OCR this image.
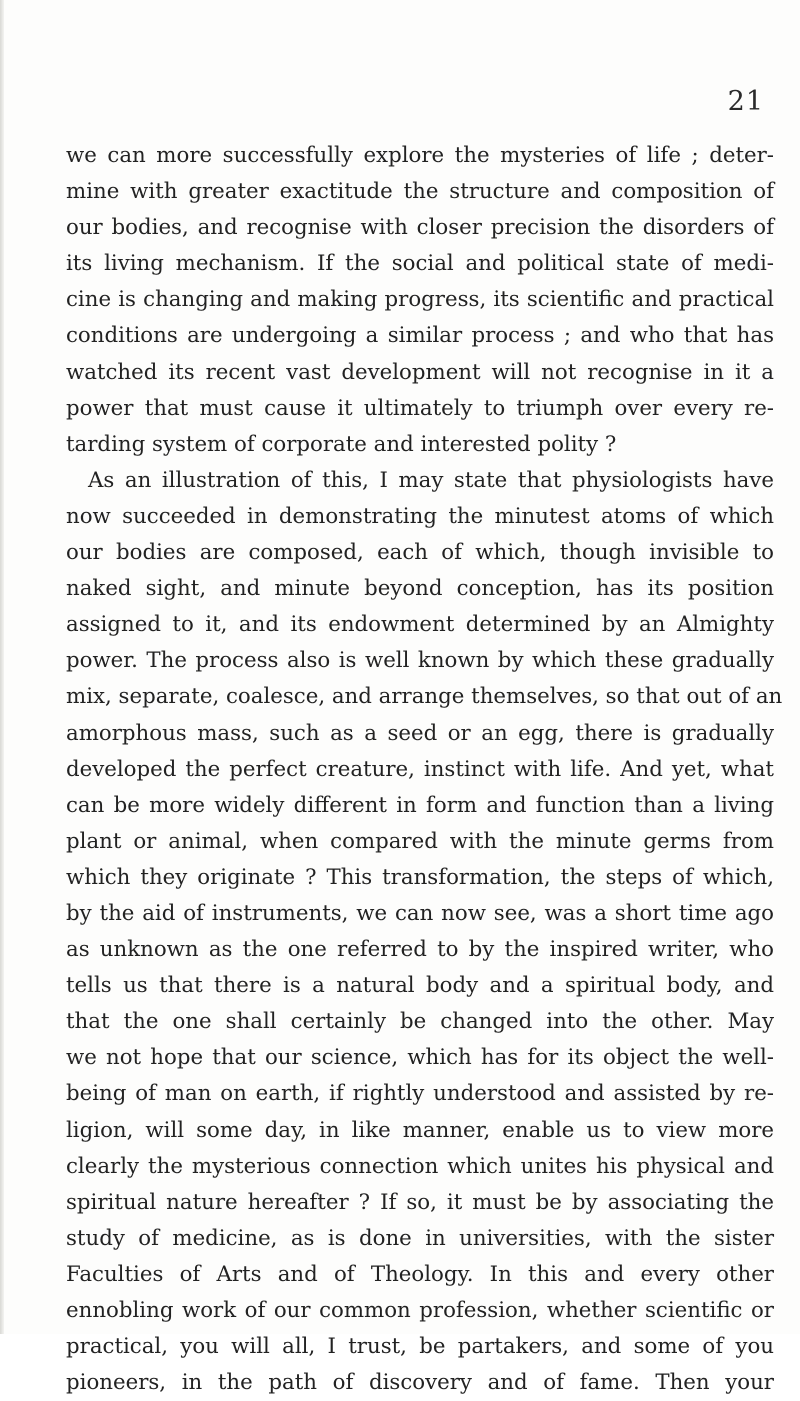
21
we can more successfully explore the mysteries of life ; deter-
mine with greater exactitude the structure and composition of
our bodies, and recognise with closer precision the disorders of
its living mechanism. If the social and political state of medi-
cine is changing and making progress, its scientific and practical
conditions are undergoing a similar process ; and who that has
watched its recent vast development will not recognise in it a
power that must cause it ultimately to triumph over every re-
tarding system of corporate and interested polity ?
As an illustration of this, I may state that physiologists have
now succeeded in demonstrating the minutest atoms of which
our bodies are composed, each of which, though invisible to
naked sight, and minute beyond conception, has its position
assigned to it, and its endowment determined by an Almighty
power. The process also is well known by which these gradually
mix, separate, coalesce, and arrange themselves, so that out of an
amorphous mass, such as a seed or an egg, there is gradually
developed the perfect creature, instinct with life. And yet, what
can be more widely different in form and function than a living
plant or animal, when compared with the minute germs from
which they originate ? This transformation, the steps of which,
by the aid of instruments, we can now see, was a short time ago
as unknown as the one referred to by the inspired writer, who
tells us that there is a natural body and a spiritual body, and
that the one shall certainly be changed into the other. May
we not hope that our science, which has for its object the well-
being of man on earth, if rightly understood and assisted by re-
ligion, will some day, in like manner, enable us to view more
clearly the mysterious connection which unites his physical and
spiritual nature hereafter ? If so, it must be by associating the
study of medicine, as is done in universities, with the sister
Faculties of Arts and of Theology. In this and every other
ennobling work of our common profession, whether scientific or
practical, you will all, I trust, be partakers, and some of you
pioneers, in the path of discovery and of fame. Then your
